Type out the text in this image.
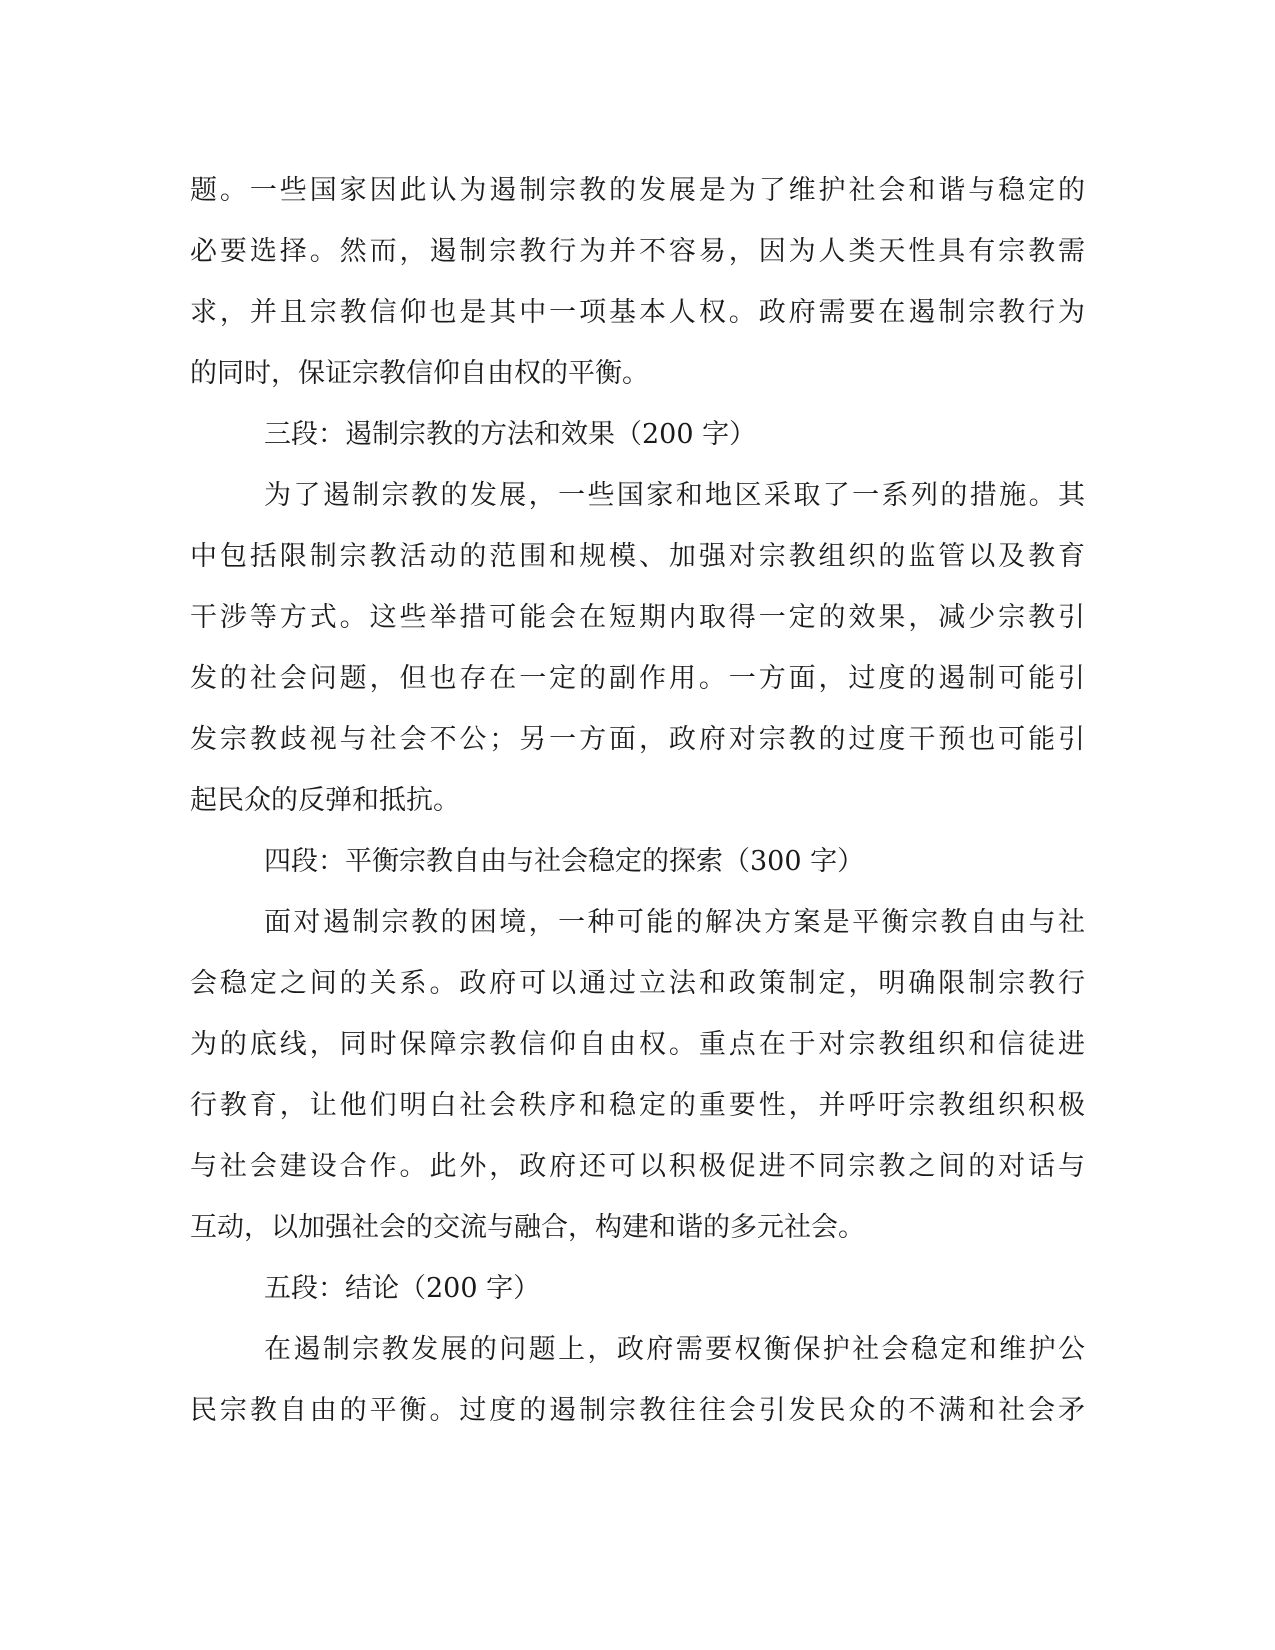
题。一些国家因此认为遏制宗教的发展是为了维护社会和谐与稳定的
必要选择。然而，遏制宗教行为并不容易，因为人类天性具有宗教需
求，并且宗教信仰也是其中一项基本人权。政府需要在遏制宗教行为
的同时，保证宗教信仰自由权的平衡。
三段：遏制宗教的方法和效果（200 字）
为了遏制宗教的发展，一些国家和地区采取了一系列的措施。其
中包括限制宗教活动的范围和规模、加强对宗教组织的监管以及教育
干涉等方式。这些举措可能会在短期内取得一定的效果，减少宗教引
发的社会问题，但也存在一定的副作用。一方面，过度的遏制可能引
发宗教歧视与社会不公；另一方面，政府对宗教的过度干预也可能引
起民众的反弹和抵抗。
四段：平衡宗教自由与社会稳定的探索（300 字）
面对遏制宗教的困境，一种可能的解决方案是平衡宗教自由与社
会稳定之间的关系。政府可以通过立法和政策制定，明确限制宗教行
为的底线，同时保障宗教信仰自由权。重点在于对宗教组织和信徒进
行教育，让他们明白社会秩序和稳定的重要性，并呼吁宗教组织积极
与社会建设合作。此外，政府还可以积极促进不同宗教之间的对话与
互动，以加强社会的交流与融合，构建和谐的多元社会。
五段：结论（200 字）
在遏制宗教发展的问题上，政府需要权衡保护社会稳定和维护公
民宗教自由的平衡。过度的遏制宗教往往会引发民众的不满和社会矛
